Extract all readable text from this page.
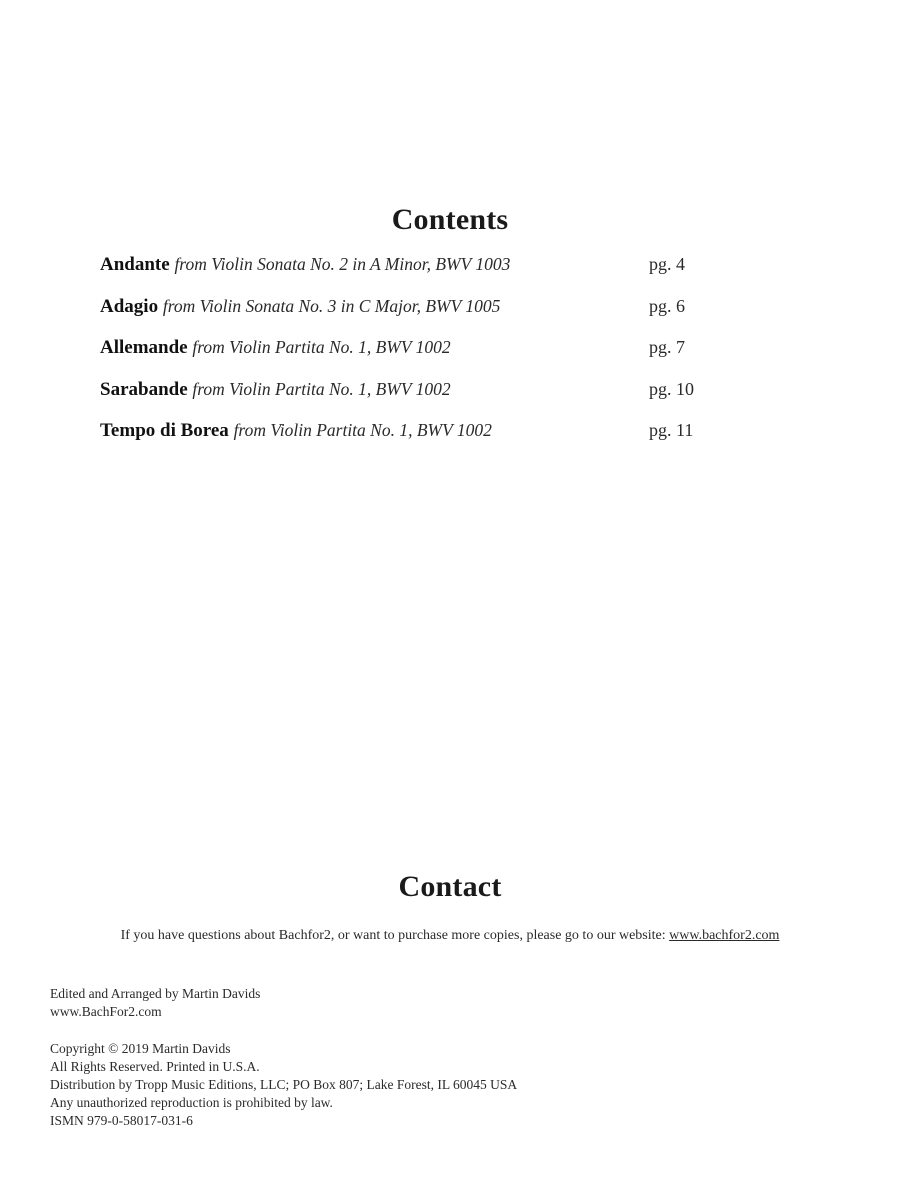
Contents
Andante from Violin Sonata No. 2 in A Minor, BWV 1003	pg. 4
Adagio from Violin Sonata No. 3 in C Major, BWV 1005	pg. 6
Allemande from Violin Partita No. 1, BWV 1002	pg. 7
Sarabande from Violin Partita No. 1, BWV 1002	pg. 10
Tempo di Borea from Violin Partita No. 1, BWV 1002	pg. 11
Contact
If you have questions about Bachfor2, or want to purchase more copies, please go to our website: www.bachfor2.com
Edited and Arranged by Martin Davids
www.BachFor2.com
Copyright © 2019 Martin Davids
All Rights Reserved. Printed in U.S.A.
Distribution by Tropp Music Editions, LLC; PO Box 807; Lake Forest, IL 60045 USA
Any unauthorized reproduction is prohibited by law.
ISMN 979-0-58017-031-6
